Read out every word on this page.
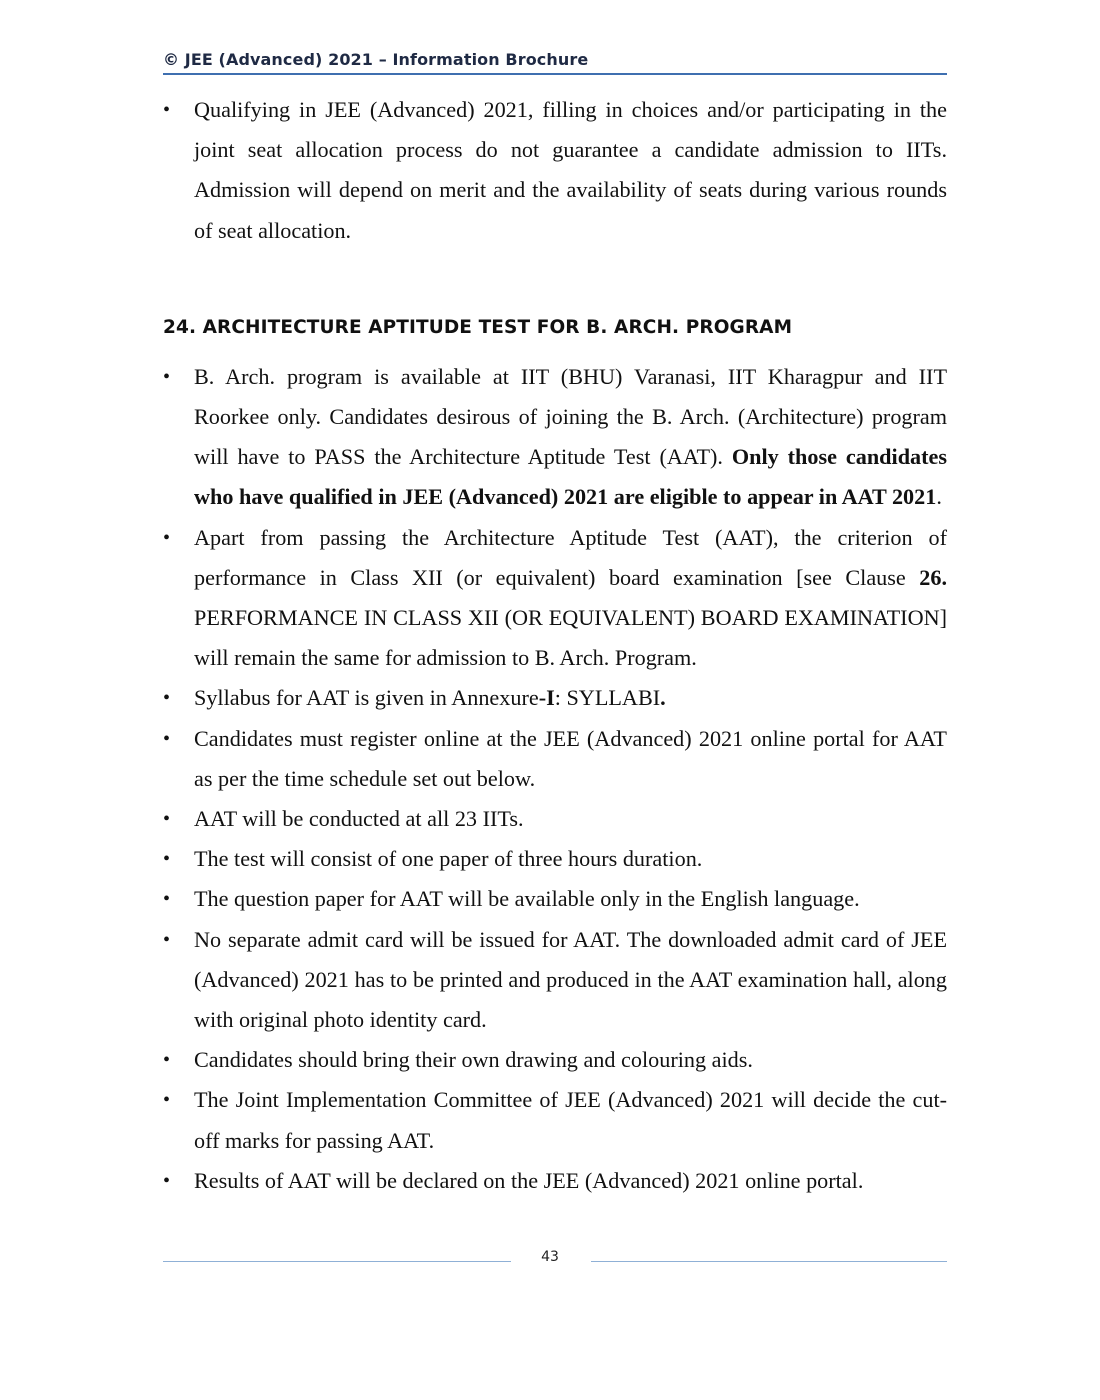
© JEE (Advanced) 2021 – Information Brochure
• Qualifying in JEE (Advanced) 2021, filling in choices and/or participating in the joint seat allocation process do not guarantee a candidate admission to IITs. Admission will depend on merit and the availability of seats during various rounds of seat allocation.
24. ARCHITECTURE APTITUDE TEST FOR B. ARCH. PROGRAM
• B. Arch. program is available at IIT (BHU) Varanasi, IIT Kharagpur and IIT Roorkee only. Candidates desirous of joining the B. Arch. (Architecture) program will have to PASS the Architecture Aptitude Test (AAT). Only those candidates who have qualified in JEE (Advanced) 2021 are eligible to appear in AAT 2021.
• Apart from passing the Architecture Aptitude Test (AAT), the criterion of performance in Class XII (or equivalent) board examination [see Clause 26. PERFORMANCE IN CLASS XII (OR EQUIVALENT) BOARD EXAMINATION] will remain the same for admission to B. Arch. Program.
• Syllabus for AAT is given in Annexure-I: SYLLABI.
• Candidates must register online at the JEE (Advanced) 2021 online portal for AAT as per the time schedule set out below.
• AAT will be conducted at all 23 IITs.
• The test will consist of one paper of three hours duration.
• The question paper for AAT will be available only in the English language.
• No separate admit card will be issued for AAT. The downloaded admit card of JEE (Advanced) 2021 has to be printed and produced in the AAT examination hall, along with original photo identity card.
• Candidates should bring their own drawing and colouring aids.
• The Joint Implementation Committee of JEE (Advanced) 2021 will decide the cut-off marks for passing AAT.
• Results of AAT will be declared on the JEE (Advanced) 2021 online portal.
43
